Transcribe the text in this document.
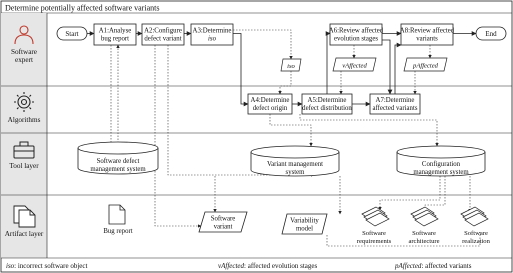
Determine potentially affected software variants
Software
expert
Algorithms
Tool layer
Artifact layer
Start	A1:Analyse
bug report
A2:Configure
defect variant
A3:Determine
iso
A6:Review affected
evolution stages
A8:Review affected
variants
End
iso	vAffected	pAffected
A4:Determine
defect origin
A5:Determine
defect distribution
A7:Determine
affected variants
Software defect
management system
Variant management
system
Configuration
management system
Bug report
Software
variant
Variability
model
Software
requirements
Software
architecture
Software
realization
iso: incorrect software object	vAffected: affected evolution stages	pAffected: affected variants
